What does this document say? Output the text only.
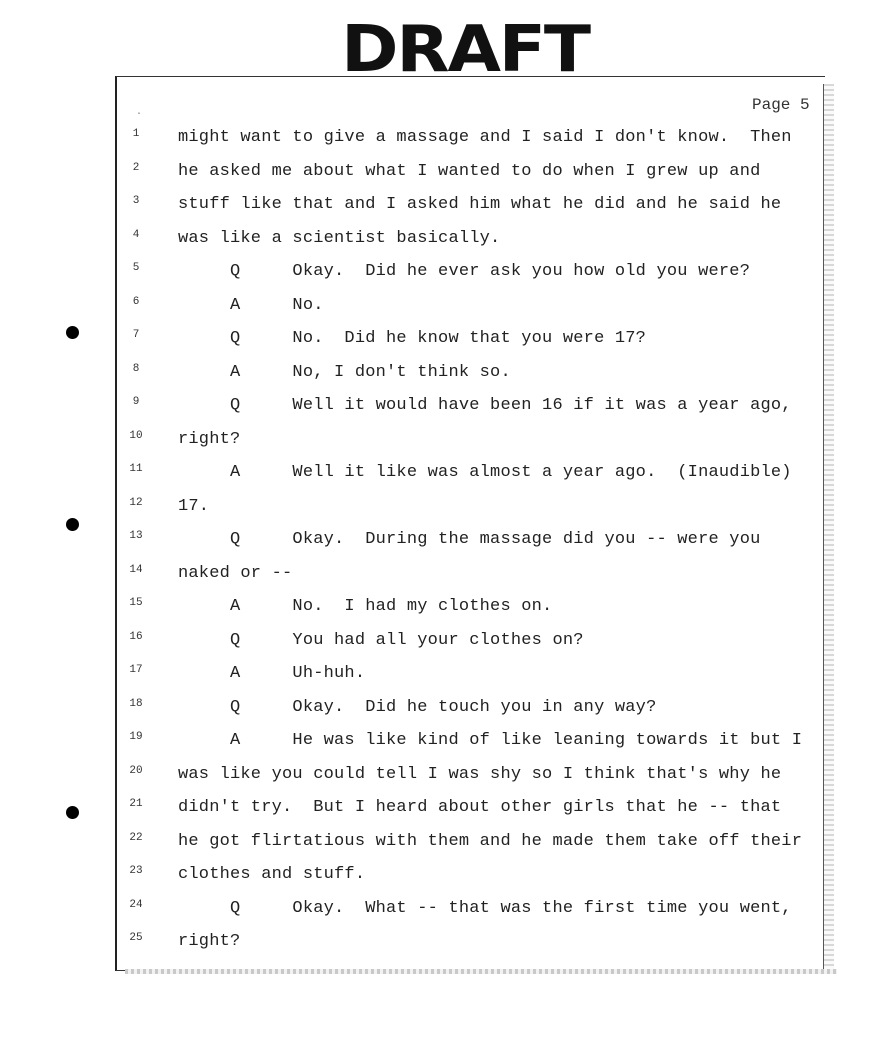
DRAFT
.	Page 5
1	might want to give a massage and I said I don't know.  Then
2	he asked me about what I wanted to do when I grew up and
3	stuff like that and I asked him what he did and he said he
4	was like a scientist basically.
5	Q     Okay.  Did he ever ask you how old you were?
6	A     No.
7	Q     No.  Did he know that you were 17?
8	A     No, I don't think so.
9	Q     Well it would have been 16 if it was a year ago,
10	right?
11	A     Well it like was almost a year ago.  (Inaudible)
12	17.
13	Q     Okay.  During the massage did you -- were you
14	naked or --
15	A     No.  I had my clothes on.
16	Q     You had all your clothes on?
17	A     Uh-huh.
18	Q     Okay.  Did he touch you in any way?
19	A     He was like kind of like leaning towards it but I
20	was like you could tell I was shy so I think that's why he
21	didn't try.  But I heard about other girls that he -- that
22	he got flirtatious with them and he made them take off their
23	clothes and stuff.
24	Q     Okay.  What -- that was the first time you went,
25	right?
